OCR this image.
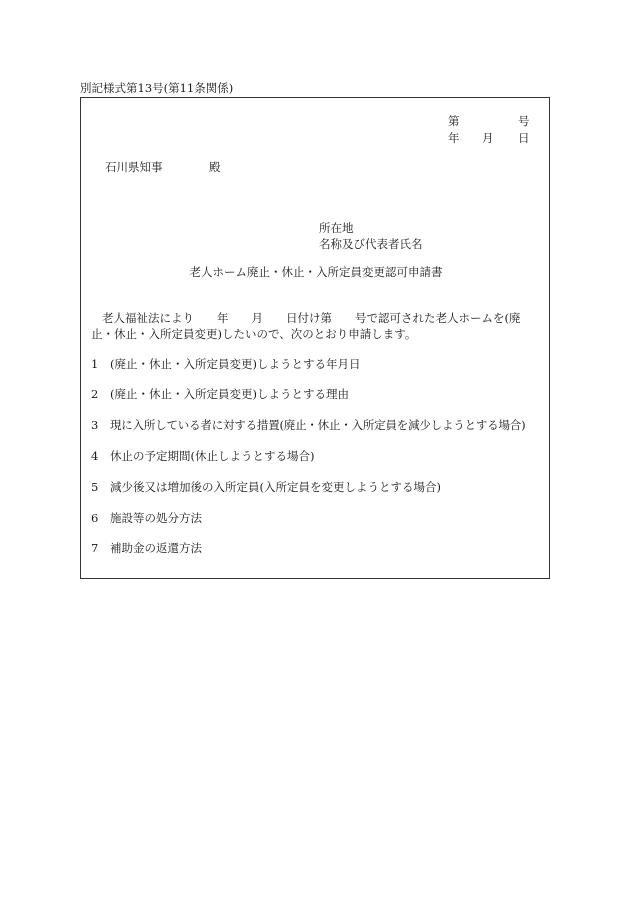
別記様式第13号(第11条関係)
第	号
年 月 日
石川県知事	殿
所在地
名称及び代表者氏名
老人ホーム廃止・休止・入所定員変更認可申請書
老人福祉法により　　年　　月　　日付け第　　号で認可された老人ホームを(廃
止・休止・入所定員変更)したいので、次のとおり申請します。
1 (廃止・休止・入所定員変更)しようとする年月日
2 (廃止・休止・入所定員変更)しようとする理由
3 現に入所している者に対する措置(廃止・休止・入所定員を減少しようとする場合)
4 休止の予定期間(休止しようとする場合)
5 減少後又は増加後の入所定員(入所定員を変更しようとする場合)
6 施設等の処分方法
7 補助金の返還方法
